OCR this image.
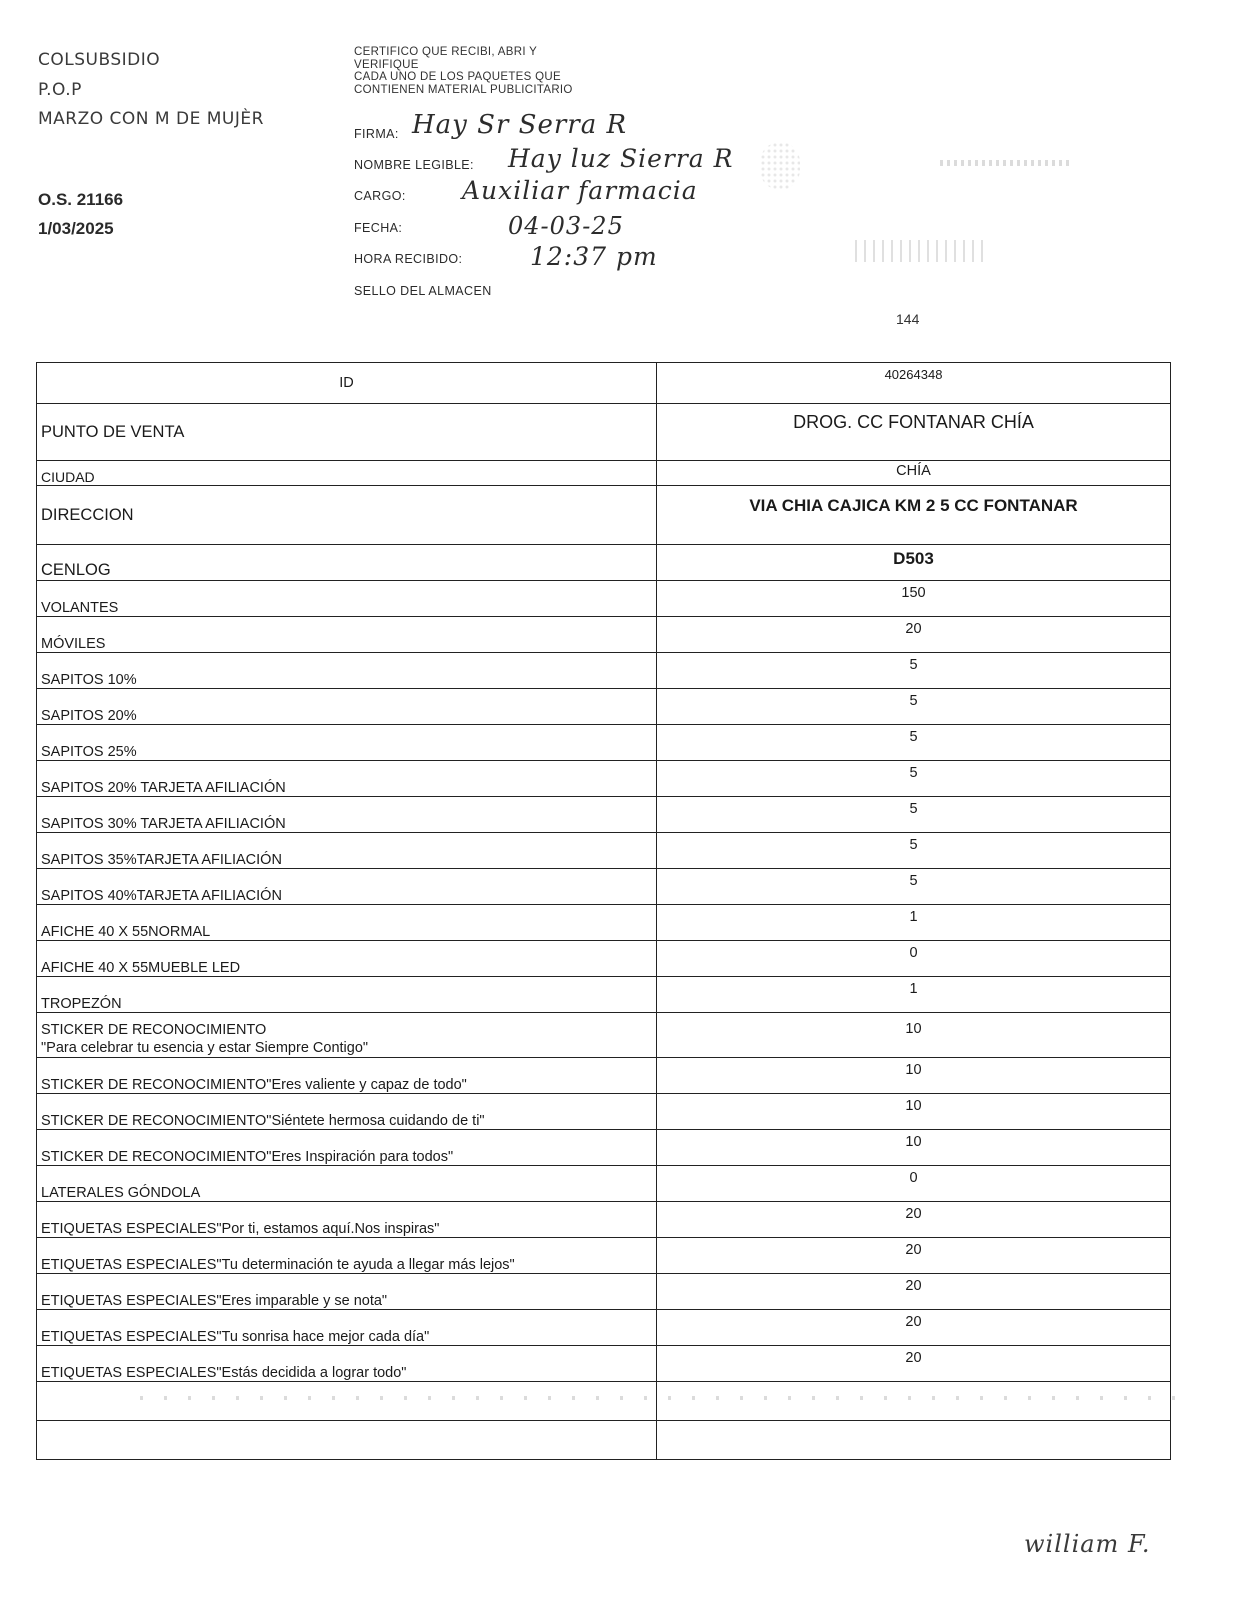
COLSUBSIDIO
P.O.P
MARZO CON M DE MUJÈR
O.S. 21166
1/03/2025
CERTIFICO QUE RECIBI, ABRI Y
VERIFIQUE
CADA UNO DE LOS PAQUETES QUE
CONTIENEN MATERIAL PUBLICITARIO
FIRMA: Hay Sr Serra R
NOMBRE LEGIBLE: Hay luz Sierra R
CARGO: Auxiliar farmacia
FECHA:	04-03-25
HORA RECIBIDO:	12:37 pm
SELLO DEL ALMACEN
144
ID	40264348
PUNTO DE VENTA	DROG. CC FONTANAR CHÍA
CIUDAD	CHÍA
DIRECCION	VIA CHIA CAJICA KM 2 5 CC FONTANAR
CENLOG	D503
VOLANTES	150
MÓVILES	20
SAPITOS 10%	5
SAPITOS 20%	5
SAPITOS 25%	5
SAPITOS 20% TARJETA AFILIACIÓN	5
SAPITOS 30% TARJETA AFILIACIÓN	5
SAPITOS 35%TARJETA AFILIACIÓN	5
SAPITOS 40%TARJETA AFILIACIÓN	5
AFICHE 40 X 55NORMAL	1
AFICHE 40 X 55MUEBLE LED	0
TROPEZÓN	1

STICKER DE RECONOCIMIENTO
"Para celebrar tu esencia y estar Siempre Contigo"	10
STICKER DE RECONOCIMIENTO"Eres valiente y capaz de todo"	10
STICKER DE RECONOCIMIENTO"Siéntete hermosa cuidando de ti"	10
STICKER DE RECONOCIMIENTO"Eres Inspiración para todos"	10
LATERALES GÓNDOLA	0
ETIQUETAS ESPECIALES"Por ti, estamos aquí.Nos inspiras"	20
ETIQUETAS ESPECIALES"Tu determinación te ayuda a llegar más lejos"	20
ETIQUETAS ESPECIALES"Eres imparable y se nota"	20
ETIQUETAS ESPECIALES"Tu sonrisa hace mejor cada día"	20
ETIQUETAS ESPECIALES"Estás decidida a lograr todo"	20

william F.
